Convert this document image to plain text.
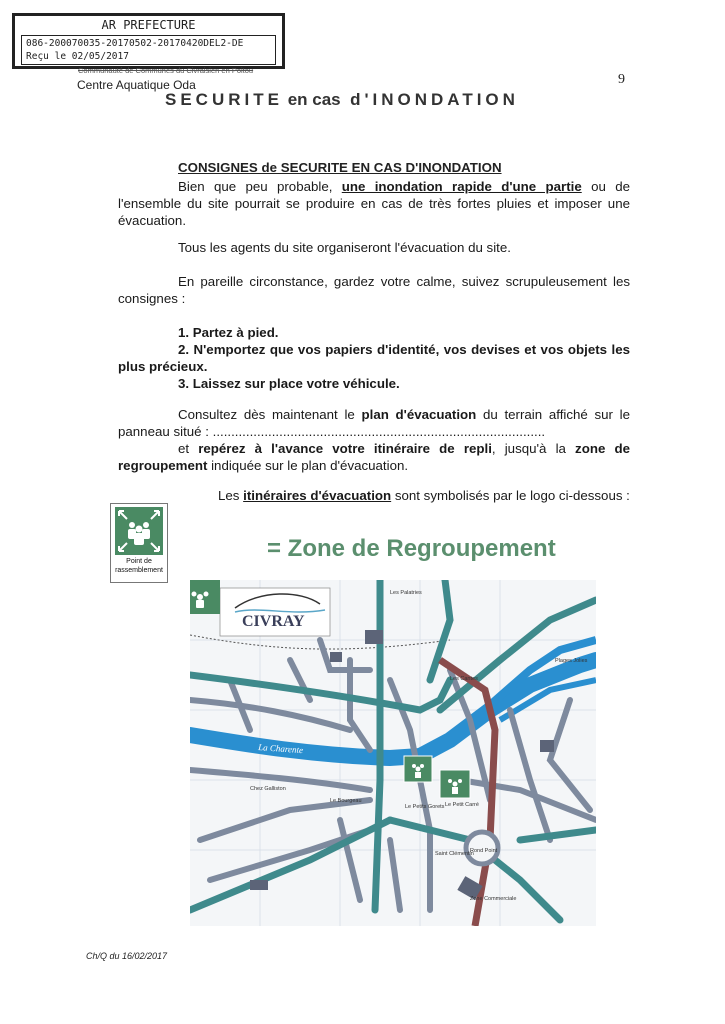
AR PREFECTURE
086-200070035-20170502-20170420DEL2-DE
Reçu le 02/05/2017
Communauté de Communes du Civraisien en Poitou
Centre Aquatique Oda	9
SECURITE en cas d'INONDATION
CONSIGNES de SECURITE EN CAS D'INONDATION

Bien que peu probable, une inondation rapide d'une partie ou de l'ensemble du site pourrait se produire en cas de très fortes pluies et imposer une évacuation.

Tous les agents du site organiseront l'évacuation du site.

En pareille circonstance, gardez votre calme, suivez scrupuleusement les consignes :

1. Partez à pied.

2. N'emportez que vos papiers d'identité, vos devises et vos objets les plus précieux.

3. Laissez sur place votre véhicule.

Consultez dès maintenant le plan d'évacuation du terrain affiché sur le panneau situé : ..........................................................................................

et repérez à l'avance votre itinéraire de repli, jusqu'à la zone de regroupement indiquée sur le plan d'évacuation.

Les itinéraires d'évacuation sont symbolisés par le logo ci-dessous :

Point de
rassemblement
= Zone de Regroupement
CIVRAY
La Charente
Les Palatries
Les Cantes
Plages Jolies
Chez Galliston
Le Bourgeau
Le Petits Gorets Le Petit Carré
Saint Clémentin
Rond Point
Zone Commerciale
Ch/Q du 16/02/2017
